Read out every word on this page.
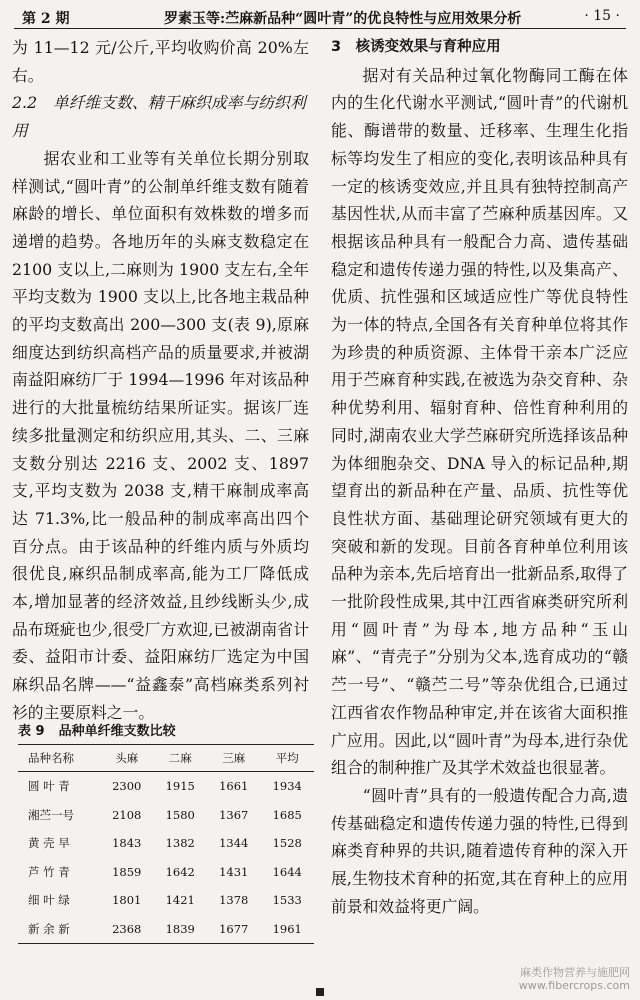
第 2 期	罗素玉等:苎麻新品种“圆叶青”的优良特性与应用效果分析	· 15 ·

为 11—12 元/公斤,平均收购价高 20%左右。

2.2　单纤维支数、精干麻织成率与纺织利用

据农业和工业等有关单位长期分别取样测试,“圆叶青”的公制单纤维支数有随着麻龄的增长、单位面积有效株数的增多而递增的趋势。各地历年的头麻支数稳定在 2100 支以上,二麻则为 1900 支左右,全年平均支数为 1900 支以上,比各地主栽品种的平均支数高出 200—300 支(表 9),原麻细度达到纺织高档产品的质量要求,并被湖南益阳麻纺厂于 1994—1996 年对该品种进行的大批量梳纺结果所证实。据该厂连续多批量测定和纺织应用,其头、二、三麻支数分别达 2216 支、2002 支、1897 支,平均支数为 2038 支,精干麻制成率高达 71.3%,比一般品种的制成率高出四个百分点。由于该品种的纤维内质与外质均很优良,麻织品制成率高,能为工厂降低成本,增加显著的经济效益,且纱线断头少,成品布斑疵也少,很受厂方欢迎,已被湖南省计委、益阳市计委、益阳麻纺厂选定为中国麻织品名牌——“益鑫泰”高档麻类系列衬衫的主要原料之一。

表 9 品种单纤维支数比较
品种名称	头麻	二麻	三麻	平均
圆 叶 青	2300	1915	1661	1934
湘苎一号	2108	1580	1367	1685
黄 壳 早	1843	1382	1344	1528
芦 竹 青	1859	1642	1431	1644
细 叶 绿	1801	1421	1378	1533
新 余 新	2368	1839	1677	1961

3　核诱变效果与育种应用

据对有关品种过氧化物酶同工酶在体内的生化代谢水平测试,“圆叶青”的代谢机能、酶谱带的数量、迁移率、生理生化指标等均发生了相应的变化,表明该品种具有一定的核诱变效应,并且具有独特控制高产基因性状,从而丰富了苎麻种质基因库。又根据该品种具有一般配合力高、遗传基础稳定和遗传传递力强的特性,以及集高产、优质、抗性强和区域适应性广等优良特性为一体的特点,全国各有关育种单位将其作为珍贵的种质资源、主体骨干亲本广泛应用于苎麻育种实践,在被选为杂交育种、杂种优势利用、辐射育种、倍性育种利用的同时,湖南农业大学苎麻研究所选择该品种为体细胞杂交、DNA 导入的标记品种,期望育出的新品种在产量、品质、抗性等优良性状方面、基础理论研究领域有更大的突破和新的发现。目前各育种单位利用该品种为亲本,先后培育出一批新品系,取得了一批阶段性成果,其中江西省麻类研究所利用“圆叶青”为母本,地方品种“玉山麻”、“青壳子”分别为父本,选育成功的“赣苎一号”、“赣苎二号”等杂优组合,已通过江西省农作物品种审定,并在该省大面积推广应用。因此,以“圆叶青”为母本,进行杂优组合的制种推广及其学术效益也很显著。

“圆叶青”具有的一般遗传配合力高,遗传基础稳定和遗传传递力强的特性,已得到麻类育种界的共识,随着遗传育种的深入开展,生物技术育种的拓宽,其在育种上的应用前景和效益将更广阔。

麻类作物营养与施肥网
www.fibercrops.com
